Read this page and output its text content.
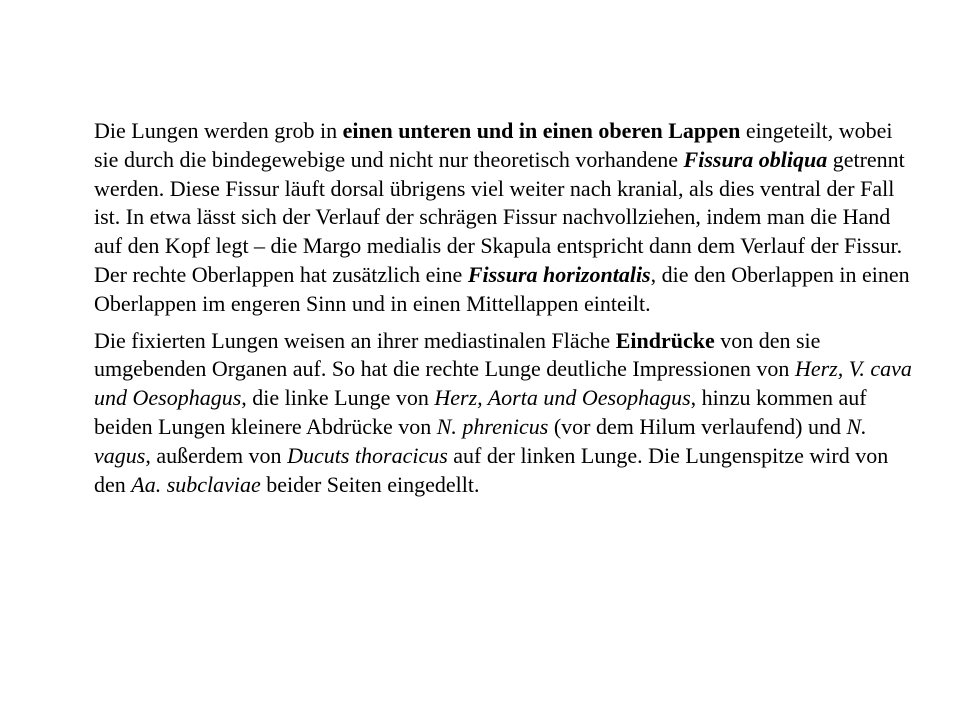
Die Lungen werden grob in einen unteren und in einen oberen Lappen eingeteilt, wobei sie durch die bindegewebige und nicht nur theoretisch vorhandene Fissura obliqua getrennt werden. Diese Fissur läuft dorsal übrigens viel weiter nach kranial, als dies ventral der Fall ist. In etwa lässt sich der Verlauf der schrägen Fissur nachvollziehen, indem man die Hand auf den Kopf legt – die Margo medialis der Skapula entspricht dann dem Verlauf der Fissur. Der rechte Oberlappen hat zusätzlich eine Fissura horizontalis, die den Oberlappen in einen Oberlappen im engeren Sinn und in einen Mittellappen einteilt.

Die fixierten Lungen weisen an ihrer mediastinalen Fläche Eindrücke von den sie umgebenden Organen auf. So hat die rechte Lunge deutliche Impressionen von Herz, V. cava und Oesophagus, die linke Lunge von Herz, Aorta und Oesophagus, hinzu kommen auf beiden Lungen kleinere Abdrücke von N. phrenicus (vor dem Hilum verlaufend) und N. vagus, außerdem von Ducuts thoracicus auf der linken Lunge. Die Lungenspitze wird von den Aa. subclaviae beider Seiten eingedellt.
